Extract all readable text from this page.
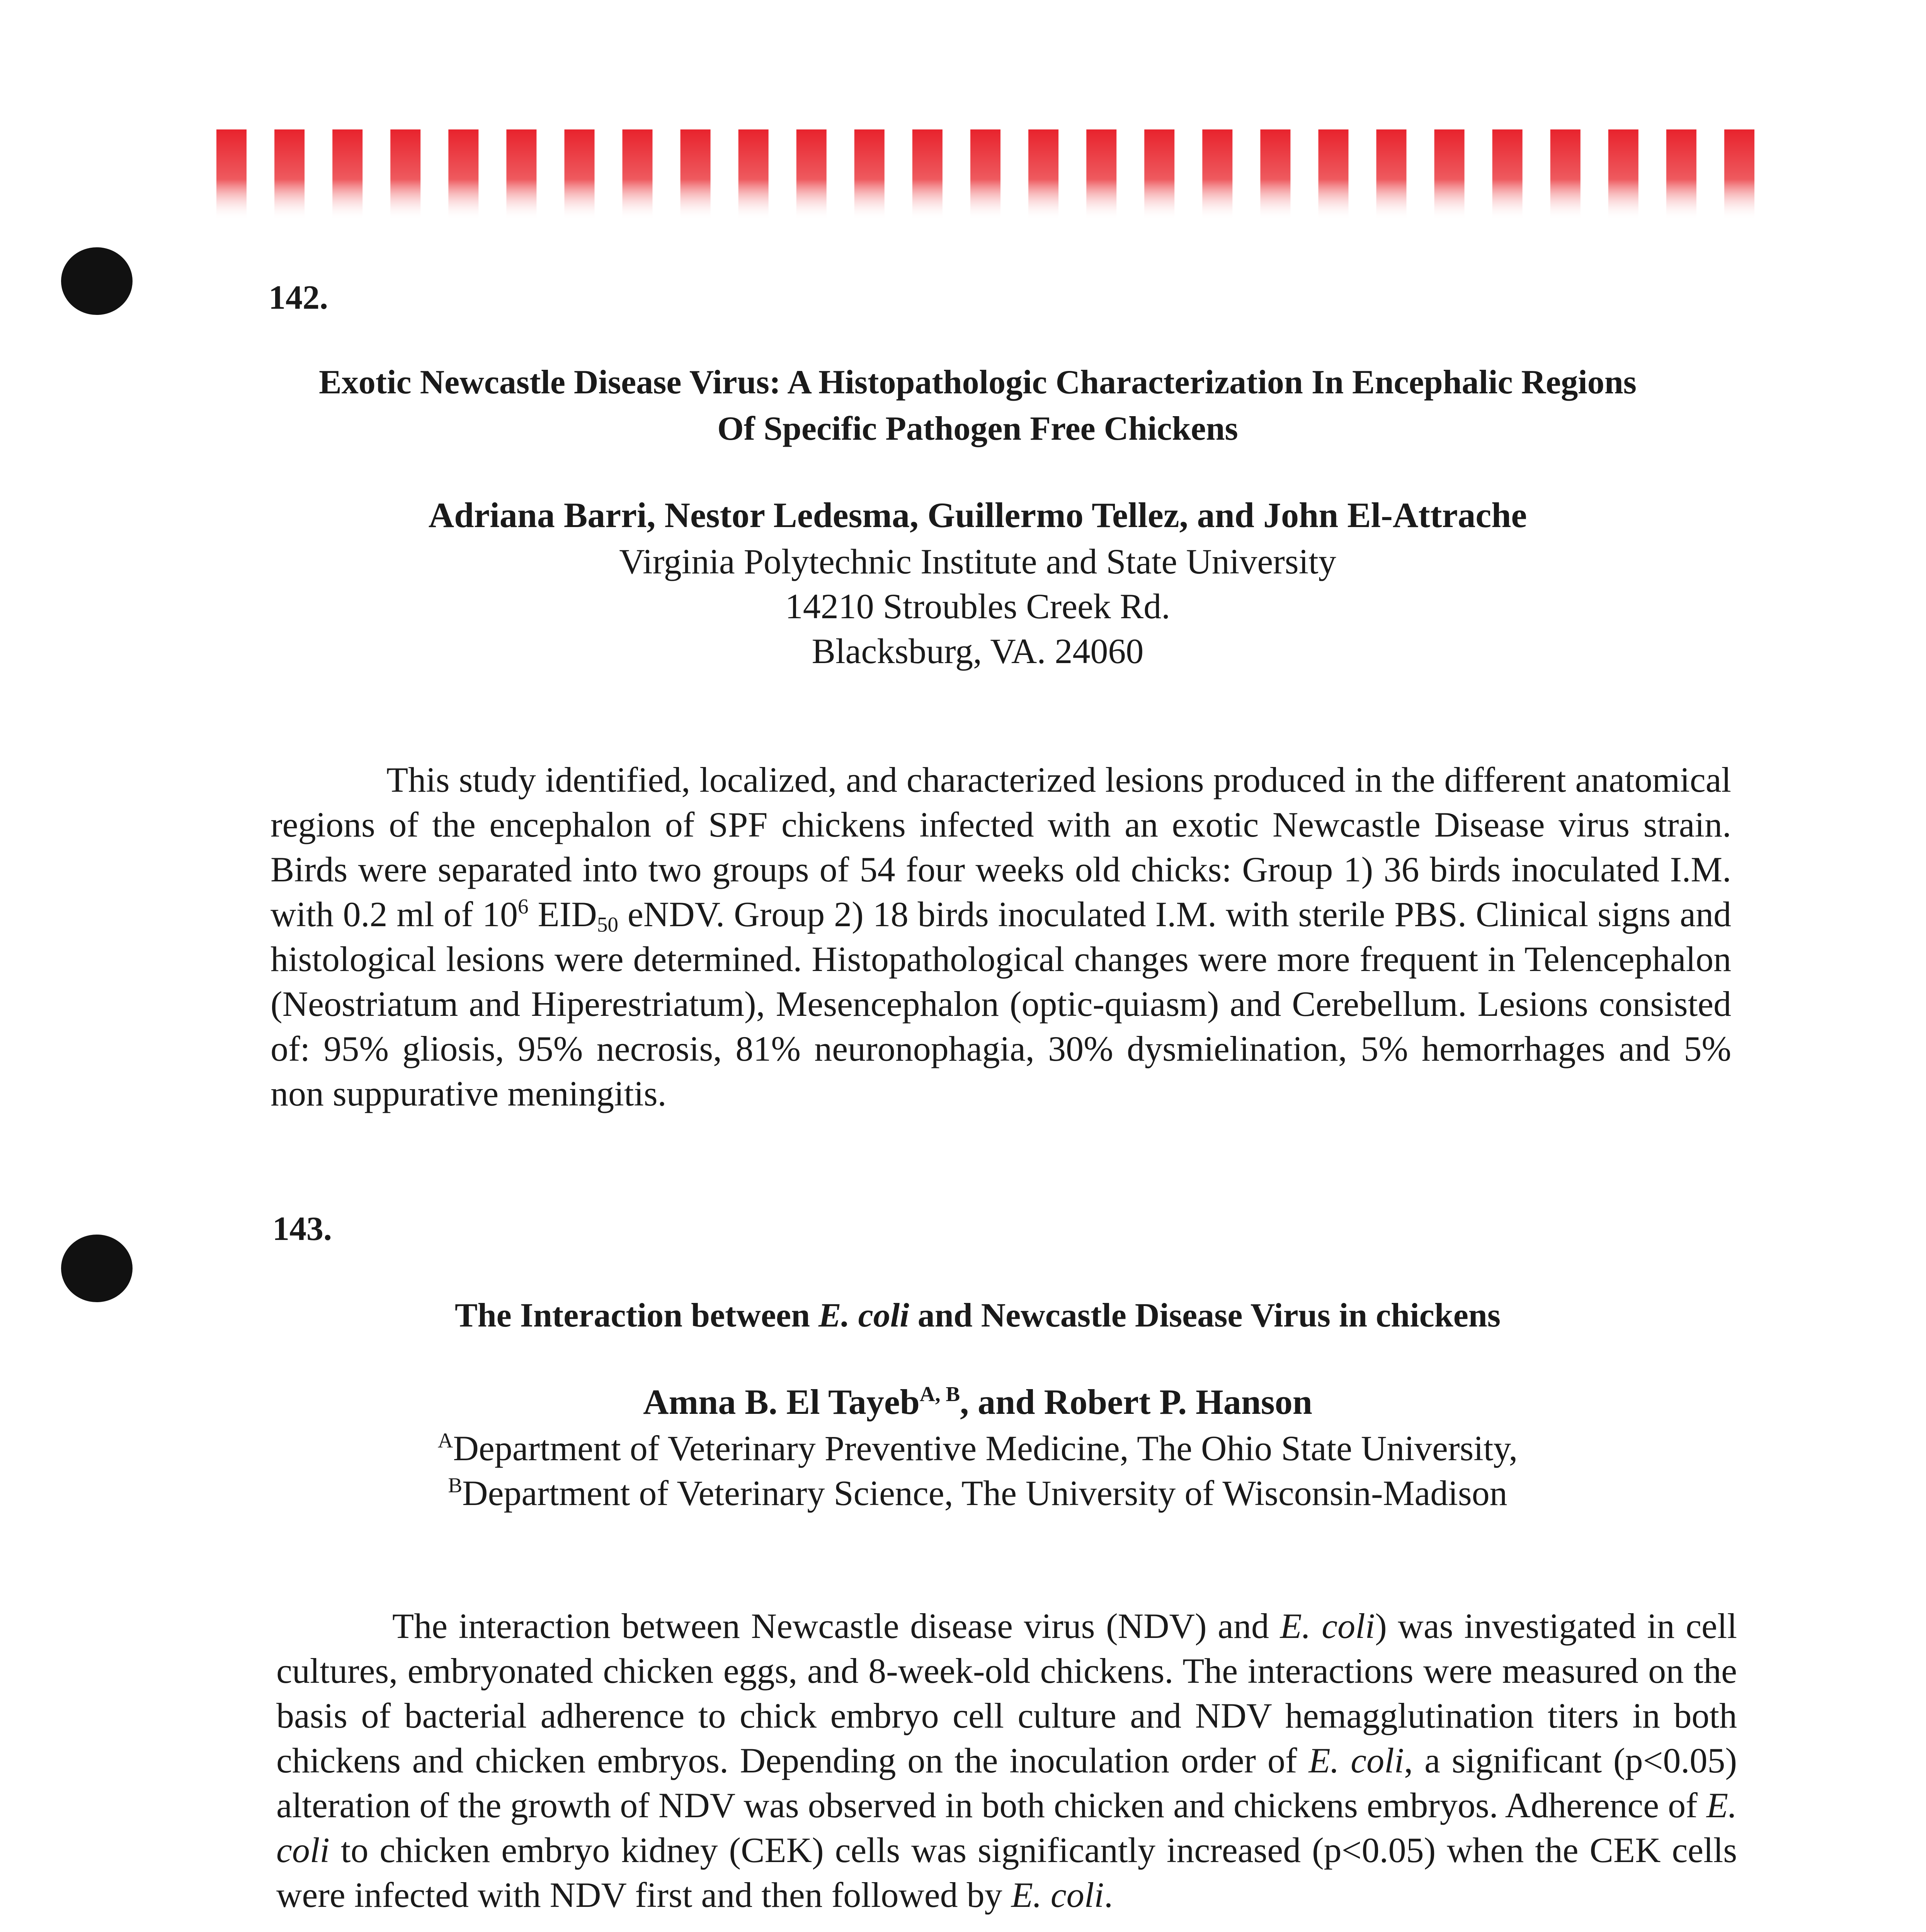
142.
Exotic Newcastle Disease Virus: A Histopathologic Characterization In Encephalic Regions
Of Specific Pathogen Free Chickens
Adriana Barri, Nestor Ledesma, Guillermo Tellez, and John El-Attrache
Virginia Polytechnic Institute and State University
14210 Stroubles Creek Rd.
Blacksburg, VA. 24060
This study identified, localized, and characterized lesions produced in the different anatomical regions of the encephalon of SPF chickens infected with an exotic Newcastle Disease virus strain. Birds were separated into two groups of 54 four weeks old chicks: Group 1) 36 birds inoculated I.M. with 0.2 ml of $10^6$ $EID_{50}$ eNDV. Group 2) 18 birds inoculated I.M. with sterile PBS. Clinical signs and histological lesions were determined. Histopathological changes were more frequent in Telencephalon (Neostriatum and Hiperestriatum), Mesencephalon (optic-quiasm) and Cerebellum. Lesions consisted of: 95% gliosis, 95% necrosis, 81% neuronophagia, 30% dysmielination, 5% hemorrhages and 5% non suppurative meningitis.
143.
The Interaction between E. coli and Newcastle Disease Virus in chickens
Amna B. El Tayeb$^{A, B}$, and Robert P. Hanson
$^A$Department of Veterinary Preventive Medicine, The Ohio State University,
$^B$Department of Veterinary Science, The University of Wisconsin-Madison
The interaction between Newcastle disease virus (NDV) and E. coli) was investigated in cell cultures, embryonated chicken eggs, and 8-week-old chickens. The interactions were measured on the basis of bacterial adherence to chick embryo cell culture and NDV hemagglutination titers in both chickens and chicken embryos. Depending on the inoculation order of E. coli, a significant (p<0.05) alteration of the growth of NDV was observed in both chicken and chickens embryos. Adherence of E. coli to chicken embryo kidney (CEK) cells was significantly increased (p<0.05) when the CEK cells were infected with NDV first and then followed by E. coli.
